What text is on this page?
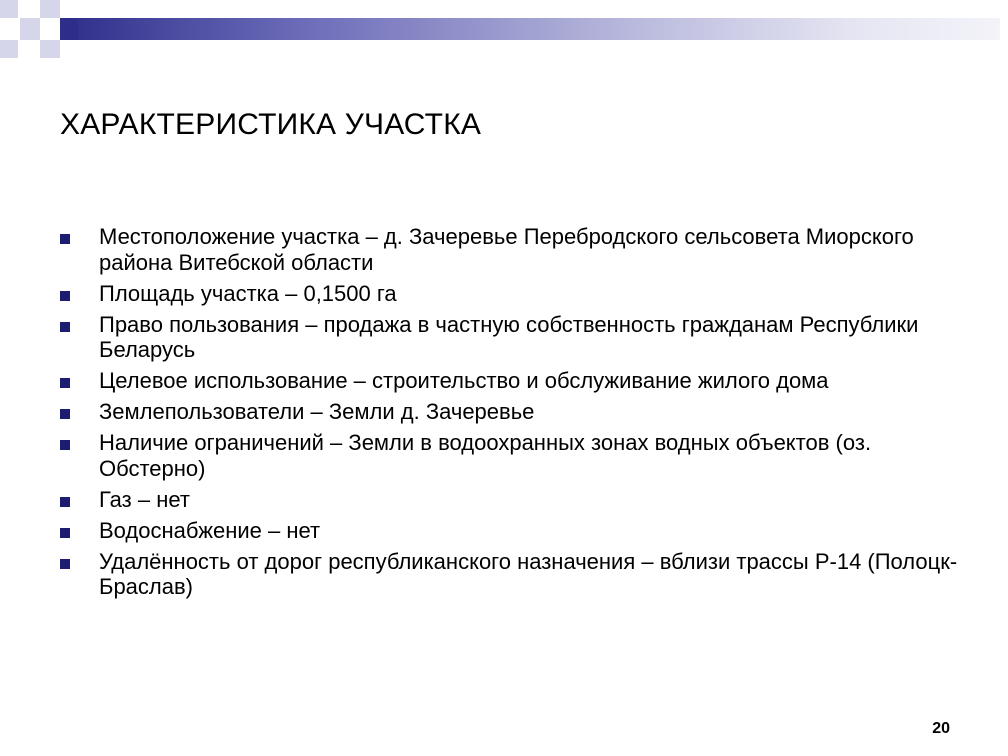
ХАРАКТЕРИСТИКА УЧАСТКА
Местоположение участка – д. Зачеревье Перебродского сельсовета Миорского района Витебской области
Площадь участка – 0,1500 га
Право пользования – продажа в частную собственность гражданам Республики Беларусь
Целевое использование – строительство и обслуживание жилого дома
Землепользователи – Земли д. Зачеревье
Наличие ограничений – Земли в водоохранных зонах водных объектов (оз. Обстерно)
Газ – нет
Водоснабжение – нет
Удалённость от дорог республиканского назначения – вблизи трассы Р-14 (Полоцк-Браслав)
20
